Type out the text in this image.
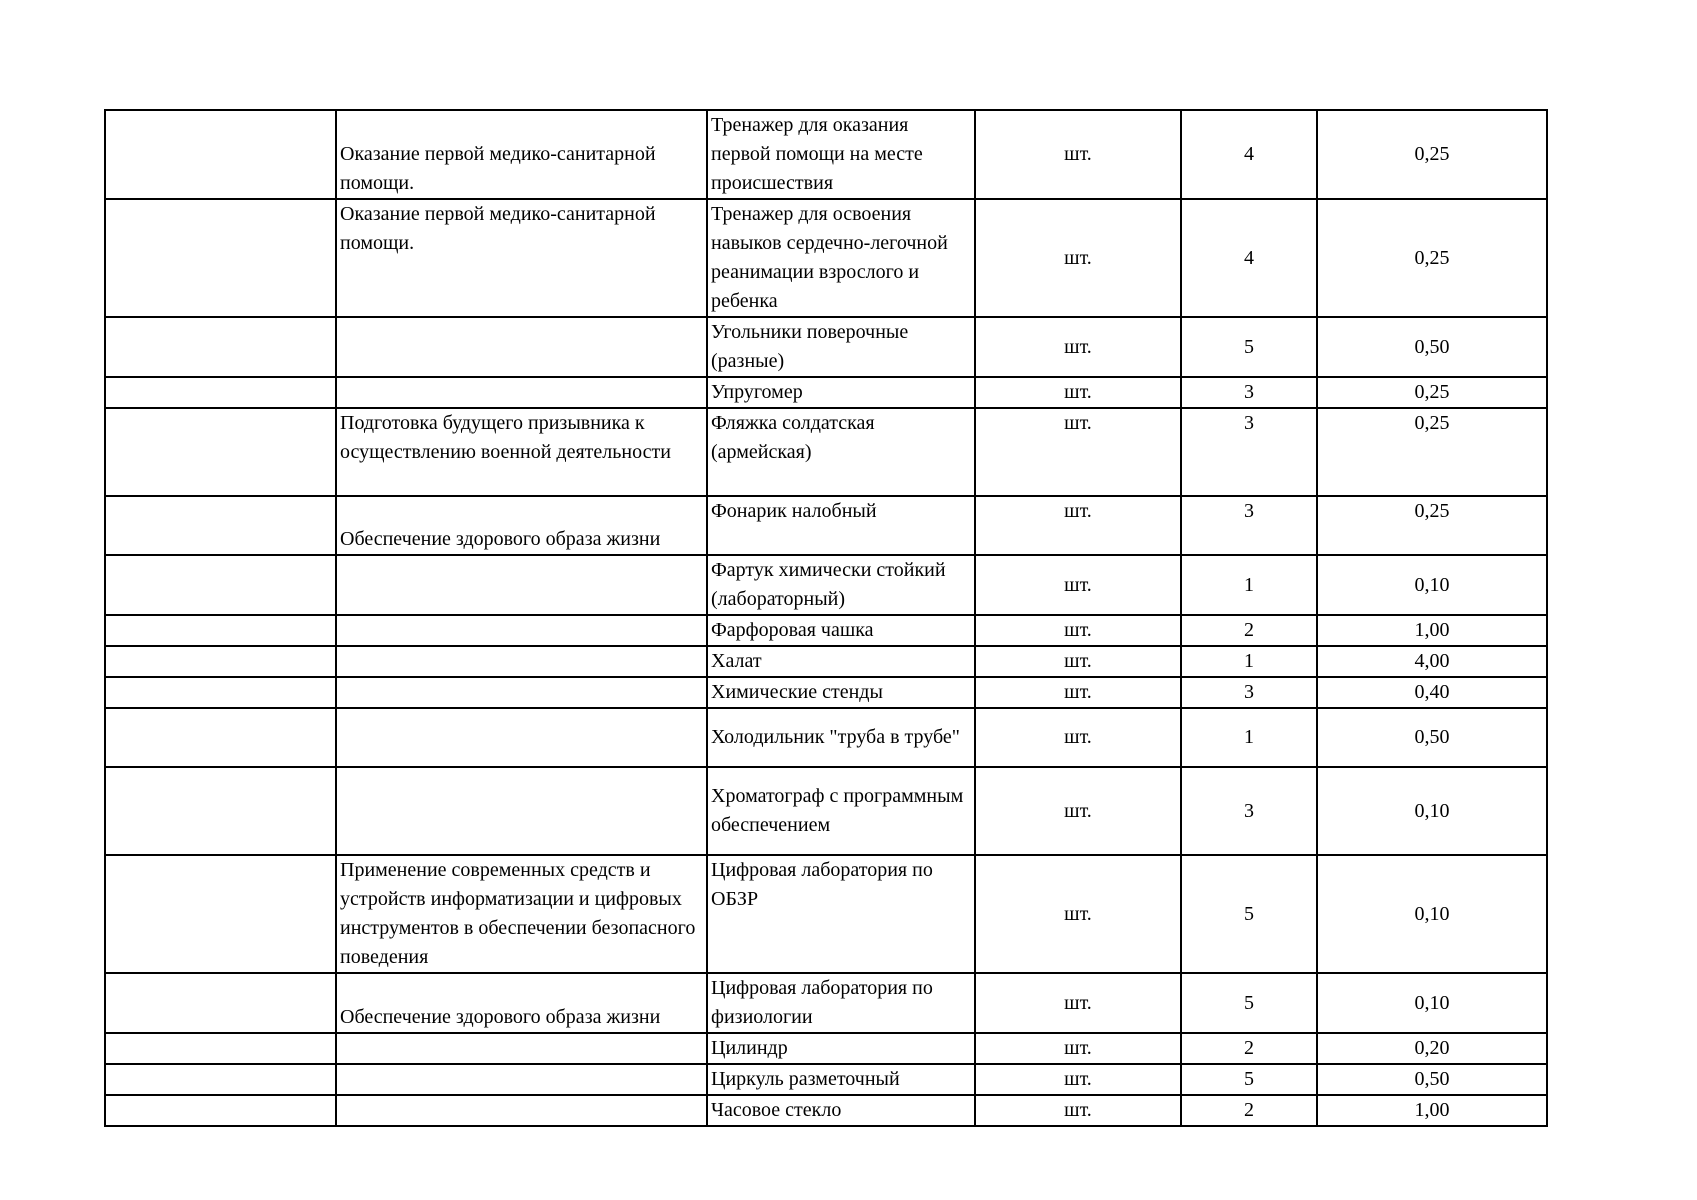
	Оказание первой медико-санитарной помощи.	Тренажер для оказания первой помощи на месте происшествия	шт.	4	0,25
	Оказание первой медико-санитарной помощи.	Тренажер для освоения навыков сердечно-легочной реанимации взрослого и ребенка	шт.	4	0,25
		Угольники поверочные (разные)	шт.	5	0,50
		Упругомер	шт.	3	0,25
	Подготовка будущего призывника к осуществлению военной деятельности	Фляжка солдатская (армейская)	шт.	3	0,25
	Обеспечение здорового образа жизни	Фонарик налобный	шт.	3	0,25
		Фартук химически стойкий (лабораторный)	шт.	1	0,10
		Фарфоровая чашка	шт.	2	1,00
		Халат	шт.	1	4,00
		Химические стенды	шт.	3	0,40
		Холодильник "труба в трубе"	шт.	1	0,50
		Хроматограф с программным обеспечением	шт.	3	0,10
	Применение современных средств и устройств информатизации и цифровых инструментов в обеспечении безопасного поведения	Цифровая лаборатория по ОБЗР	шт.	5	0,10
	Обеспечение здорового образа жизни	Цифровая лаборатория по физиологии	шт.	5	0,10
		Цилиндр	шт.	2	0,20
		Циркуль разметочный	шт.	5	0,50
		Часовое стекло	шт.	2	1,00
